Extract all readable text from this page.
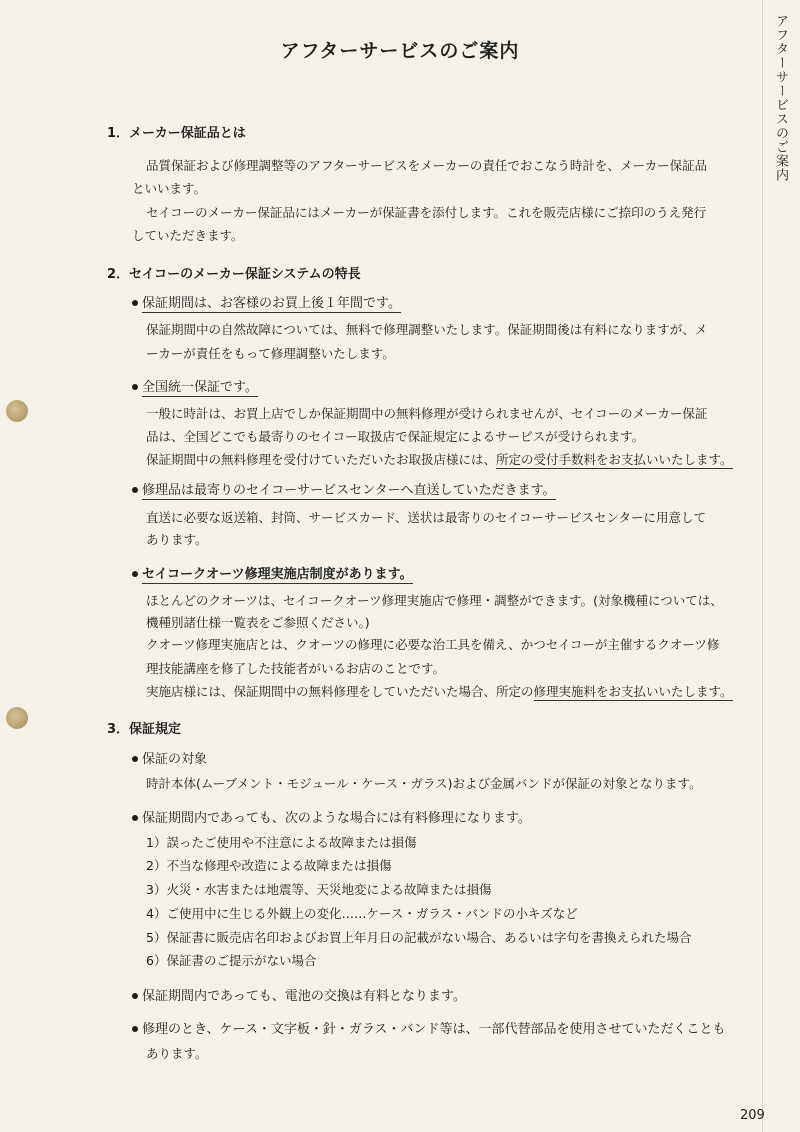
アフターサービスのご案内
アフターサービスのご案内
1．メーカー保証品とは
品質保証および修理調整等のアフターサービスをメーカーの責任でおこなう時計を、メーカー保証品
といいます。
セイコーのメーカー保証品にはメーカーが保証書を添付します。これを販売店様にご捺印のうえ発行
していただきます。
2．セイコーのメーカー保証システムの特長
保証期間は、お客様のお買上後１年間です。
保証期間中の自然故障については、無料で修理調整いたします。保証期間後は有料になりますが、メ
ーカーが責任をもって修理調整いたします。
全国統一保証です。
一般に時計は、お買上店でしか保証期間中の無料修理が受けられませんが、セイコーのメーカー保証
品は、全国どこでも最寄りのセイコー取扱店で保証規定によるサービスが受けられます。
保証期間中の無料修理を受付けていただいたお取扱店様には、所定の受付手数料をお支払いいたします。
修理品は最寄りのセイコーサービスセンターへ直送していただきます。
直送に必要な返送箱、封筒、サービスカード、送状は最寄りのセイコーサービスセンターに用意して
あります。
セイコークオーツ修理実施店制度があります。
ほとんどのクオーツは、セイコークオーツ修理実施店で修理・調整ができます。(対象機種については、
機種別諸仕様一覧表をご参照ください。)
クオーツ修理実施店とは、クオーツの修理に必要な治工具を備え、かつセイコーが主催するクオーツ修
理技能講座を修了した技能者がいるお店のことです。
実施店様には、保証期間中の無料修理をしていただいた場合、所定の修理実施料をお支払いいたします。
3．保証規定
保証の対象
時計本体(ムーブメント・モジュール・ケース・ガラス)および金属バンドが保証の対象となります。
保証期間内であっても、次のような場合には有料修理になります。
1）誤ったご使用や不注意による故障または損傷
2）不当な修理や改造による故障または損傷
3）火災・水害または地震等、天災地変による故障または損傷
4）ご使用中に生じる外観上の変化……ケース・ガラス・バンドの小キズなど
5）保証書に販売店名印およびお買上年月日の記載がない場合、あるいは字句を書換えられた場合
6）保証書のご提示がない場合
保証期間内であっても、電池の交換は有料となります。
修理のとき、ケース・文字板・針・ガラス・バンド等は、一部代替部品を使用させていただくことも
あります。
209
